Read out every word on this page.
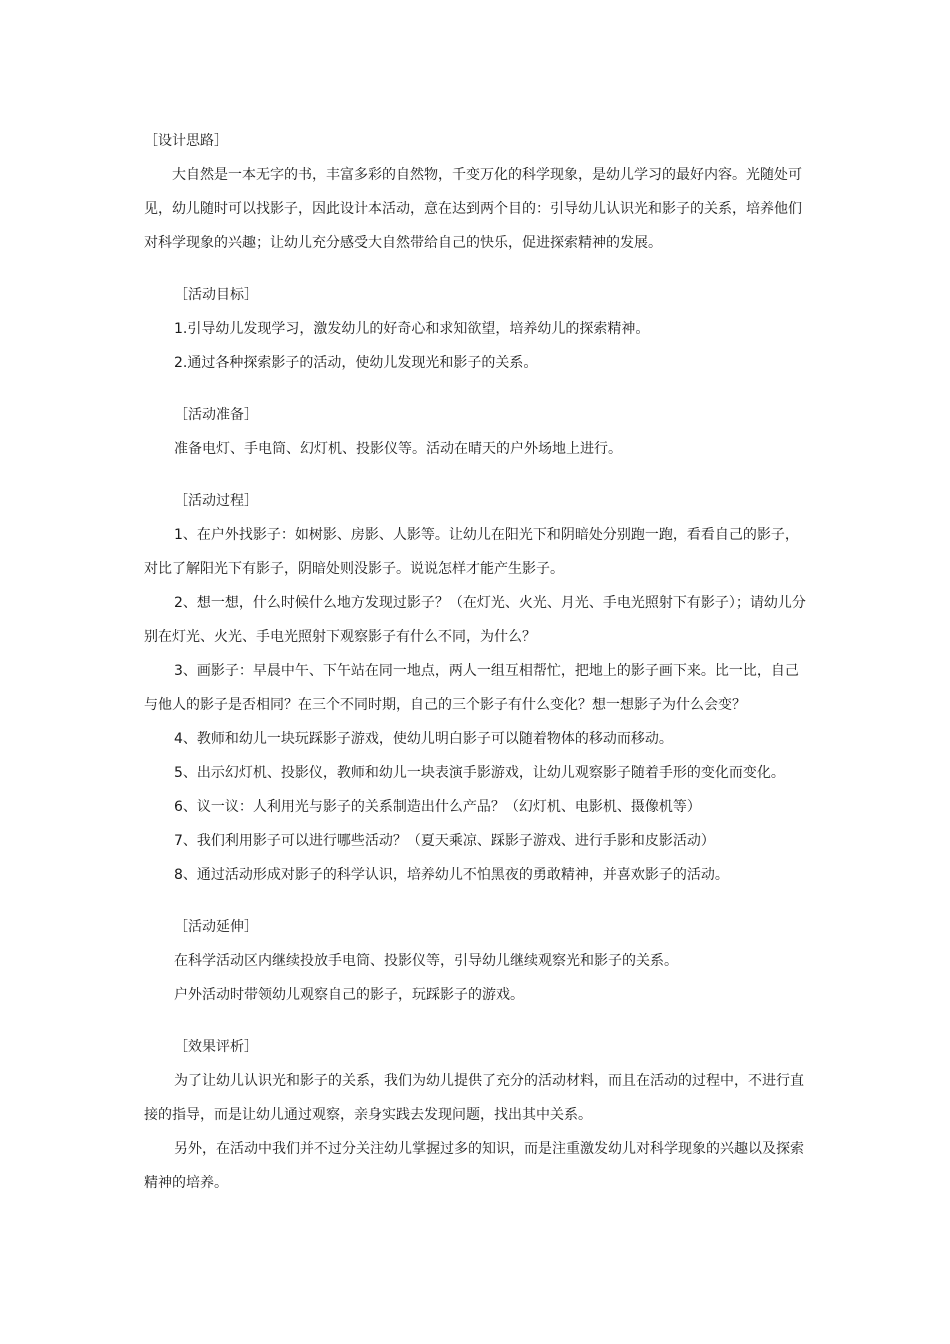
［设计思路］

大自然是一本无字的书，丰富多彩的自然物，千变万化的科学现象，是幼儿学习的最好内容。光随处可见，幼儿随时可以找影子，因此设计本活动，意在达到两个目的：引导幼儿认识光和影子的关系，培养他们对科学现象的兴趣；让幼儿充分感受大自然带给自己的快乐，促进探索精神的发展。

［活动目标］

1.引导幼儿发现学习，激发幼儿的好奇心和求知欲望，培养幼儿的探索精神。

2.通过各种探索影子的活动，使幼儿发现光和影子的关系。

［活动准备］

准备电灯、手电筒、幻灯机、投影仪等。活动在晴天的户外场地上进行。

［活动过程］

1、在户外找影子：如树影、房影、人影等。让幼儿在阳光下和阴暗处分别跑一跑，看看自己的影子，对比了解阳光下有影子，阴暗处则没影子。说说怎样才能产生影子。

2、想一想，什么时候什么地方发现过影子？（在灯光、火光、月光、手电光照射下有影子）；请幼儿分别在灯光、火光、手电光照射下观察影子有什么不同，为什么？

3、画影子：早晨中午、下午站在同一地点，两人一组互相帮忙，把地上的影子画下来。比一比，自己与他人的影子是否相同？在三个不同时期，自己的三个影子有什么变化？想一想影子为什么会变？

4、教师和幼儿一块玩踩影子游戏，使幼儿明白影子可以随着物体的移动而移动。

5、出示幻灯机、投影仪，教师和幼儿一块表演手影游戏，让幼儿观察影子随着手形的变化而变化。

6、议一议：人利用光与影子的关系制造出什么产品？（幻灯机、电影机、摄像机等）

7、我们利用影子可以进行哪些活动？（夏天乘凉、踩影子游戏、进行手影和皮影活动）

8、通过活动形成对影子的科学认识，培养幼儿不怕黑夜的勇敢精神，并喜欢影子的活动。

［活动延伸］

在科学活动区内继续投放手电筒、投影仪等，引导幼儿继续观察光和影子的关系。

户外活动时带领幼儿观察自己的影子，玩踩影子的游戏。

［效果评析］

为了让幼儿认识光和影子的关系，我们为幼儿提供了充分的活动材料，而且在活动的过程中，不进行直接的指导，而是让幼儿通过观察，亲身实践去发现问题，找出其中关系。

另外，在活动中我们并不过分关注幼儿掌握过多的知识，而是注重激发幼儿对科学现象的兴趣以及探索精神的培养。
